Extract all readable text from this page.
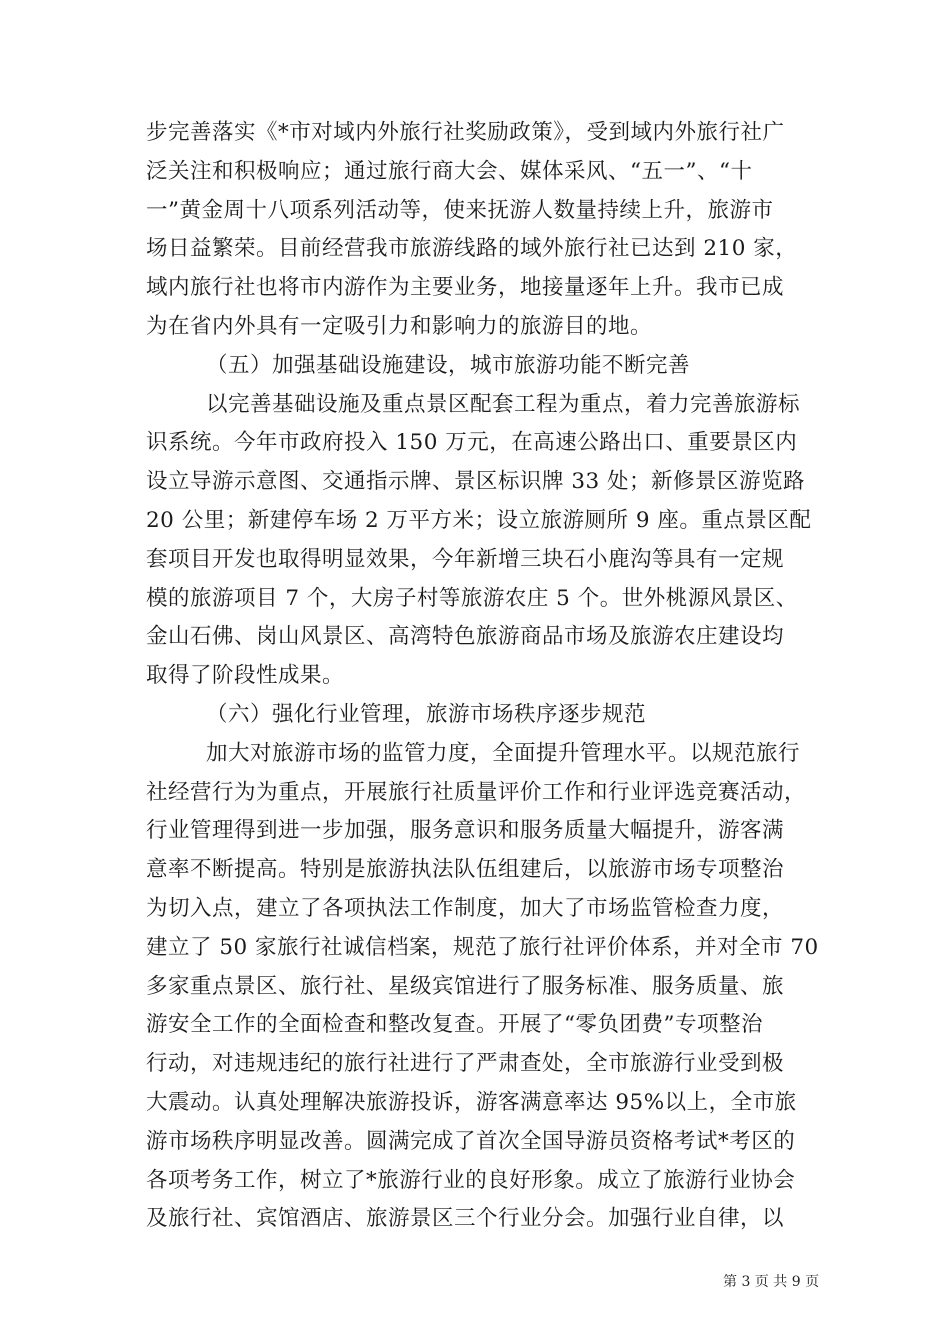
步完善落实《*市对域内外旅行社奖励政策》，受到域内外旅行社广
泛关注和积极响应；通过旅行商大会、媒体采风、“五一”、“十
一”黄金周十八项系列活动等，使来抚游人数量持续上升，旅游市
场日益繁荣。目前经营我市旅游线路的域外旅行社已达到 210 家，
域内旅行社也将市内游作为主要业务，地接量逐年上升。我市已成
为在省内外具有一定吸引力和影响力的旅游目的地。
（五）加强基础设施建设，城市旅游功能不断完善
以完善基础设施及重点景区配套工程为重点，着力完善旅游标
识系统。今年市政府投入 150 万元，在高速公路出口、重要景区内
设立导游示意图、交通指示牌、景区标识牌 33 处；新修景区游览路
20 公里；新建停车场 2 万平方米；设立旅游厕所 9 座。重点景区配
套项目开发也取得明显效果，今年新增三块石小鹿沟等具有一定规
模的旅游项目 7 个，大房子村等旅游农庄 5 个。世外桃源风景区、
金山石佛、岗山风景区、高湾特色旅游商品市场及旅游农庄建设均
取得了阶段性成果。
（六）强化行业管理，旅游市场秩序逐步规范
加大对旅游市场的监管力度，全面提升管理水平。以规范旅行
社经营行为为重点，开展旅行社质量评价工作和行业评选竞赛活动，
行业管理得到进一步加强，服务意识和服务质量大幅提升，游客满
意率不断提高。特别是旅游执法队伍组建后，以旅游市场专项整治
为切入点，建立了各项执法工作制度，加大了市场监管检查力度，
建立了 50 家旅行社诚信档案，规范了旅行社评价体系，并对全市 70
多家重点景区、旅行社、星级宾馆进行了服务标准、服务质量、旅
游安全工作的全面检查和整改复查。开展了“零负团费”专项整治
行动，对违规违纪的旅行社进行了严肃查处，全市旅游行业受到极
大震动。认真处理解决旅游投诉，游客满意率达 95%以上，全市旅
游市场秩序明显改善。圆满完成了首次全国导游员资格考试*考区的
各项考务工作，树立了*旅游行业的良好形象。成立了旅游行业协会
及旅行社、宾馆酒店、旅游景区三个行业分会。加强行业自律，以
第 3 页 共 9 页
